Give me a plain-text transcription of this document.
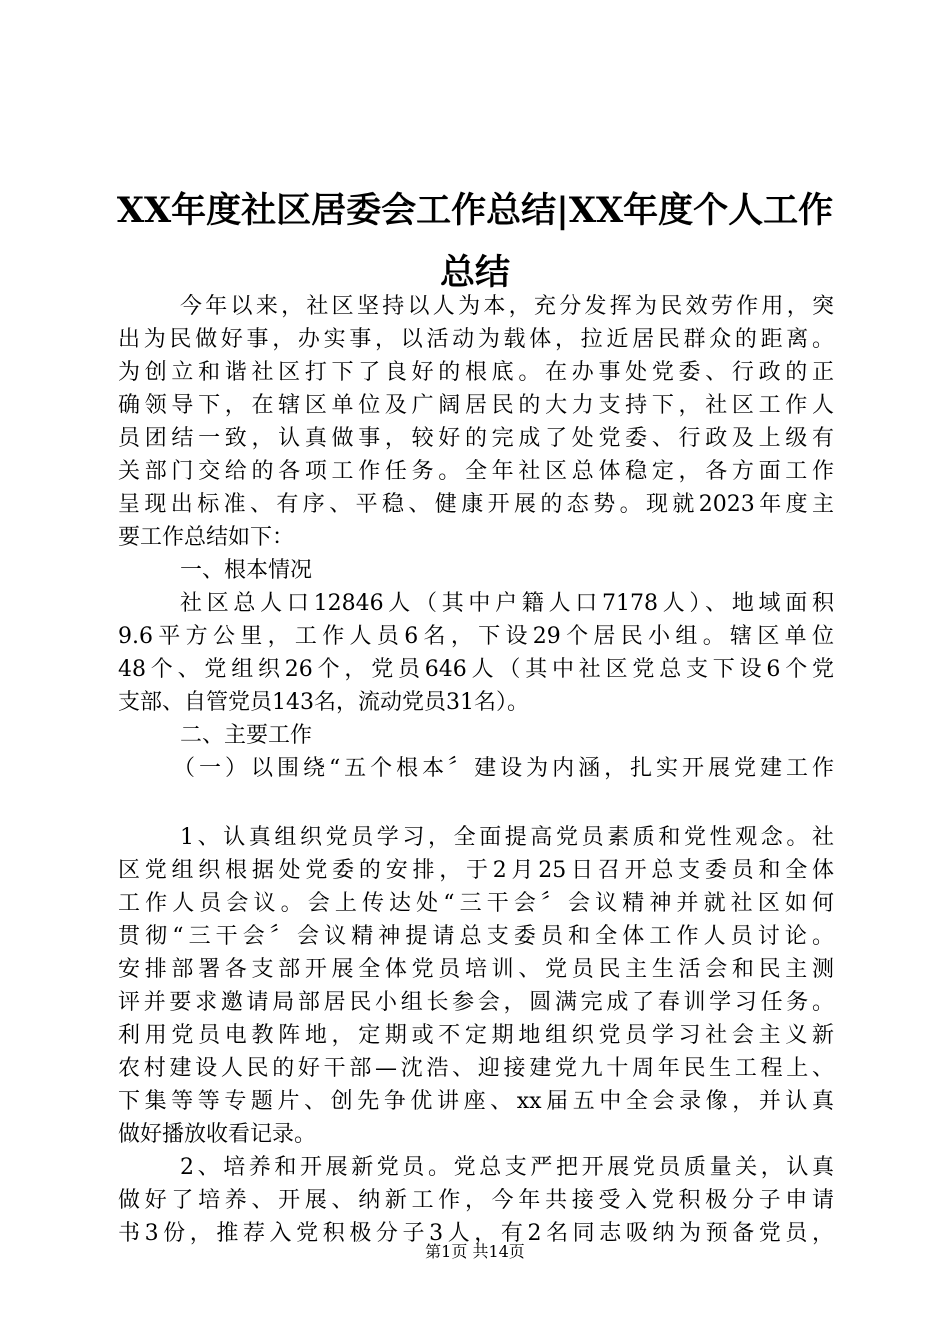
XX年度社区居委会工作总结|XX年度个人工作
总结
今年以来，社区坚持以人为本，充分发挥为民效劳作用，突
出为民做好事，办实事，以活动为载体，拉近居民群众的距离。
为创立和谐社区打下了良好的根底。在办事处党委、行政的正
确领导下，在辖区单位及广阔居民的大力支持下，社区工作人
员团结一致，认真做事，较好的完成了处党委、行政及上级有
关部门交给的各项工作任务。全年社区总体稳定，各方面工作
呈现出标准、有序、平稳、健康开展的态势。现就2023年度主
要工作总结如下：
一、根本情况
社区总人口12846人（其中户籍人口7178人）、地域面积
9.6平方公里，工作人员6名，下设29个居民小组。辖区单位
48个、党组织26个，党员646人（其中社区党总支下设6个党
支部、自管党员143名，流动党员31名）。
二、主要工作
（一）以围绕“五个根本〞建设为内涵，扎实开展党建工作
1、认真组织党员学习，全面提高党员素质和党性观念。社
区党组织根据处党委的安排，于2月25日召开总支委员和全体
工作人员会议。会上传达处“三干会〞会议精神并就社区如何
贯彻“三干会〞会议精神提请总支委员和全体工作人员讨论。
安排部署各支部开展全体党员培训、党员民主生活会和民主测
评并要求邀请局部居民小组长参会，圆满完成了春训学习任务。
利用党员电教阵地，定期或不定期地组织党员学习社会主义新
农村建设人民的好干部—沈浩、迎接建党九十周年民生工程上、
下集等等专题片、创先争优讲座、xx届五中全会录像，并认真
做好播放收看记录。
2、培养和开展新党员。党总支严把开展党员质量关，认真
做好了培养、开展、纳新工作，今年共接受入党积极分子申请
书3份，推荐入党积极分子3人，有2名同志吸纳为预备党员，
第1页 共14页
